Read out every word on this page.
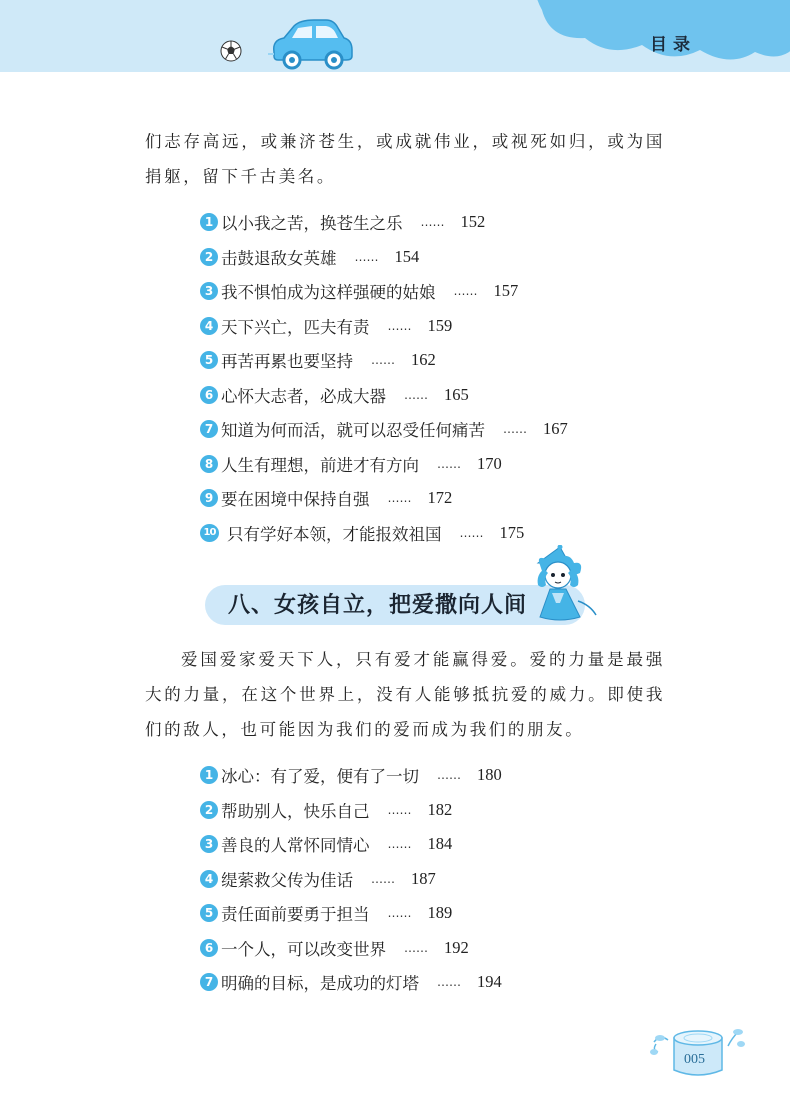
目录

们志存高远，或兼济苍生，或成就伟业，或视死如归，或为国捐躯，留下千古美名。

1 以小我之苦，换苍生之乐 …… 152
2 击鼓退敌女英雄 …… 154
3 我不惧怕成为这样强硬的姑娘 …… 157
4 天下兴亡，匹夫有责 …… 159
5 再苦再累也要坚持 …… 162
6 心怀大志者，必成大器 …… 165
7 知道为何而活，就可以忍受任何痛苦 …… 167
8 人生有理想，前进才有方向 …… 170
9 要在困境中保持自强 …… 172
10 只有学好本领，才能报效祖国 …… 175
八、女孩自立，把爱撒向人间

爱国爱家爱天下人，只有爱才能赢得爱。爱的力量是最强大的力量，在这个世界上，没有人能够抵抗爱的威力。即使我们的敌人，也可能因为我们的爱而成为我们的朋友。

1 冰心：有了爱，便有了一切 …… 180
2 帮助别人，快乐自己 …… 182
3 善良的人常怀同情心 …… 184
4 缇萦救父传为佳话 …… 187
5 责任面前要勇于担当 …… 189
6 一个人，可以改变世界 …… 192
7 明确的目标，是成功的灯塔 …… 194
005
